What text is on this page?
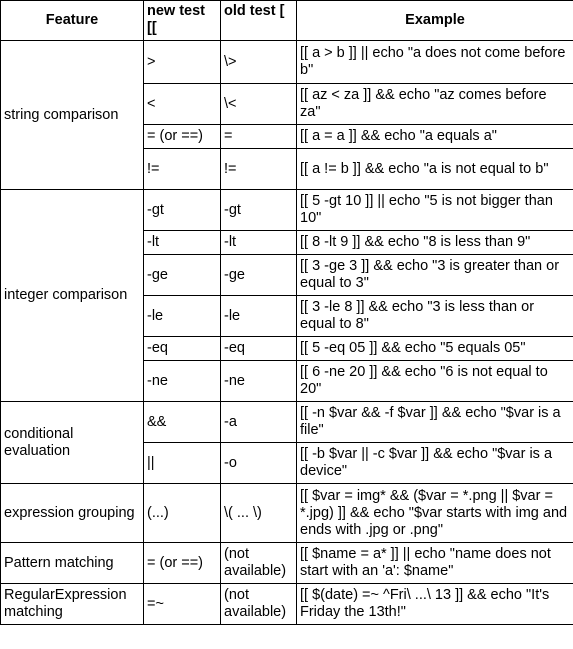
Feature	new test [[	old test [	Example
string comparison	>	\>	[[ a > b ]] || echo "a does not come before b"
	<	\<	[[ az < za ]] && echo "az comes before za"
	= (or ==)	=	[[ a = a ]] && echo "a equals a"
	!=	!=	[[ a != b ]] && echo "a is not equal to b"
integer comparison	-gt	-gt	[[ 5 -gt 10 ]] || echo "5 is not bigger than 10"
	-lt	-lt	[[ 8 -lt 9 ]] && echo "8 is less than 9"
	-ge	-ge	[[ 3 -ge 3 ]] && echo "3 is greater than or equal to 3"
	-le	-le	[[ 3 -le 8 ]] && echo "3 is less than or equal to 8"
	-eq	-eq	[[ 5 -eq 05 ]] && echo "5 equals 05"
	-ne	-ne	[[ 6 -ne 20 ]] && echo "6 is not equal to 20"
conditional evaluation	&&	-a	[[ -n $var && -f $var ]] && echo "$var is a file"
	||	-o	[[ -b $var || -c $var ]] && echo "$var is a device"
expression grouping	(...)	\( ... \)	[[ $var = img* && ($var = *.png || $var = *.jpg) ]] && echo "$var starts with img and ends with .jpg or .png"
Pattern matching	= (or ==)	(not available)	[[ $name = a* ]] || echo "name does not start with an 'a': $name"
RegularExpression matching	=~	(not available)	[[ $(date) =~ ^Fri\ ...\ 13 ]] && echo "It's Friday the 13th!"
